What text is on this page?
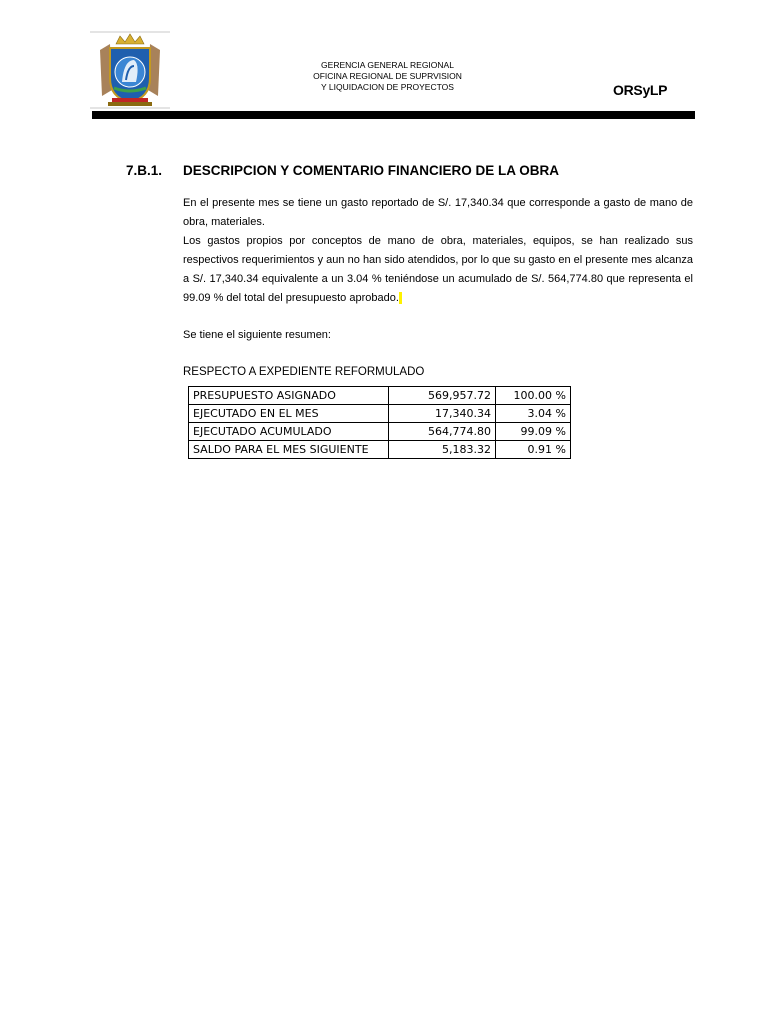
GERENCIA GENERAL REGIONAL
OFICINA REGIONAL DE SUPRVISION
Y LIQUIDACION DE PROYECTOS	ORSyLP
7.B.1. DESCRIPCION Y COMENTARIO FINANCIERO DE LA OBRA

En el presente mes se tiene un gasto reportado de S/. 17,340.34 que corresponde a gasto de mano de obra, materiales.

Los gastos propios por conceptos de mano de obra, materiales, equipos, se han realizado sus respectivos requerimientos y aun no han sido atendidos, por lo que su gasto en el presente mes alcanza a S/. 17,340.34 equivalente a un 3.04 % teniéndose un acumulado de S/. 564,774.80 que representa el 99.09 % del total del presupuesto aprobado.​

Se tiene el siguiente resumen:
RESPECTO A EXPEDIENTE REFORMULADO
PRESUPUESTO ASIGNADO	569,957.72	100.00 %
EJECUTADO EN EL MES	17,340.34	3.04 %
EJECUTADO ACUMULADO	564,774.80	99.09 %
SALDO PARA EL MES SIGUIENTE	5,183.32	0.91 %
